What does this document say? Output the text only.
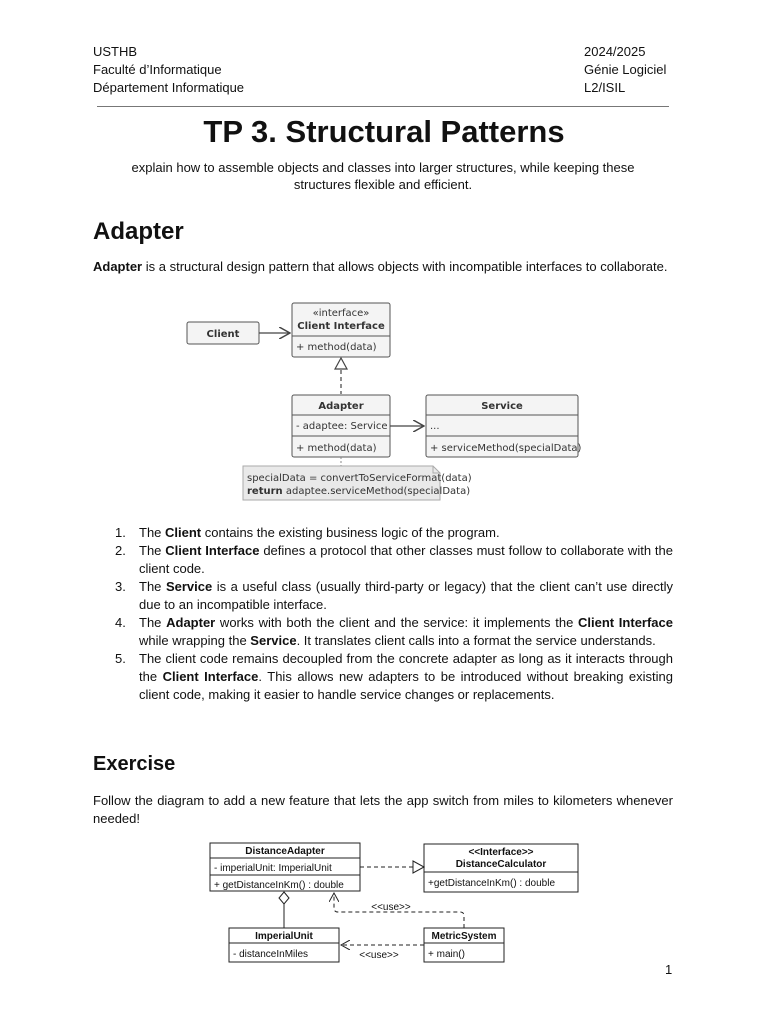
USTHB
Faculté d’Informatique
Département Informatique
2024/2025
Génie Logiciel
L2/ISIL
TP 3. Structural Patterns
explain how to assemble objects and classes into larger structures, while keeping these
structures flexible and efficient.
Adapter
Adapter is a structural design pattern that allows objects with incompatible interfaces to collaborate.
Client
«interface»
Client Interface
+ method(data)
Adapter
- adaptee: Service
+ method(data)
Service
...
+ serviceMethod(specialData)
specialData = convertToServiceFormat(data)
return adaptee.serviceMethod(specialData)
1. The Client contains the existing business logic of the program.
2. The Client Interface defines a protocol that other classes must follow to collaborate with the client code.
3. The Service is a useful class (usually third-party or legacy) that the client can’t use directly due to an incompatible interface.
4. The Adapter works with both the client and the service: it implements the Client Interface while wrapping the Service. It translates client calls into a format the service understands.
5. The client code remains decoupled from the concrete adapter as long as it interacts through the Client Interface. This allows new adapters to be introduced without breaking existing client code, making it easier to handle service changes or replacements.
Exercise
Follow the diagram to add a new feature that lets the app switch from miles to kilometers whenever needed!
DistanceAdapter
- imperialUnit: ImperialUnit
+ getDistanceInKm() : double
<<Interface>>
DistanceCalculator
+getDistanceInKm() : double
ImperialUnit
- distanceInMiles
MetricSystem
+ main()
<<use>>
<<use>>
1
